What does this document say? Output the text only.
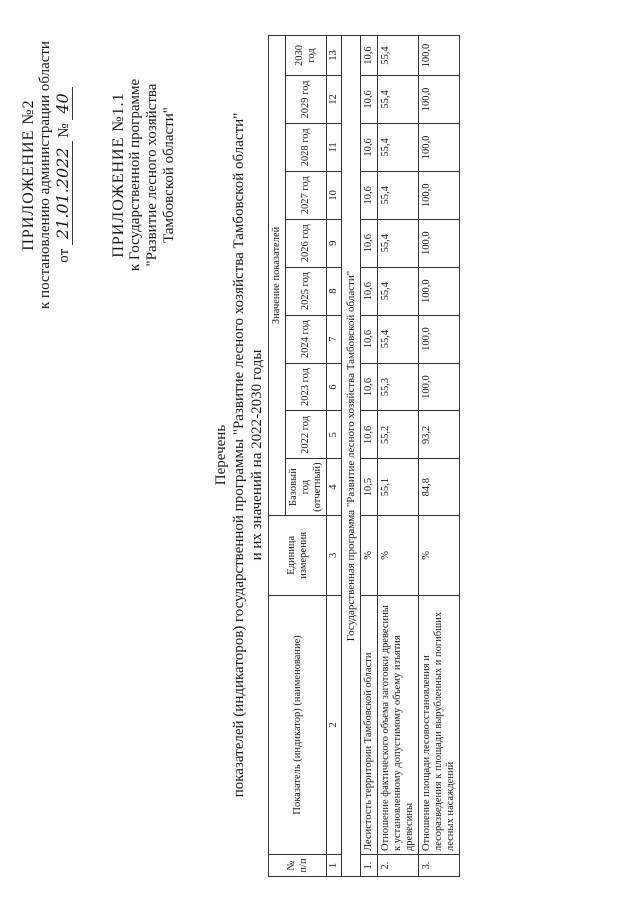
ПРИЛОЖЕНИЕ №2 к постановлению администрации области от 21.01.2022 № 40 ПРИЛОЖЕНИЕ №1.1 к Государственной программе "Развитие лесного хозяйства Тамбовской области"
Перечень показателей (индикаторов) государственной программы "Развитие лесного хозяйства Тамбовской области" и их значений на 2022-2030 годы
№ п/п	Показатель (индикатор) (наименование)	Единица измерения	Значение показателей									
			Базовый год (отчетный)	2022 год	2023 год	2024 год	2025 год	2026 год	2027 год	2028 год	2029 год	2030 год
1	2	3	4	5	6	7	8	9	10	11	12	13
Государственная программа "Развитие лесного хозяйства Тамбовской области"												
1.	Лесистость территории Тамбовской области	%	10,5	10,6	10,6	10,6	10,6	10,6	10,6	10,6	10,6	10,6
2.	Отношение фактического объема заготовки древесины к установленному допустимому объему изъятия древесины	%	55,1	55,2	55,3	55,4	55,4	55,4	55,4	55,4	55,4	55,4
3.	Отношение площади лесовосстановления и лесоразведения к площади вырубленных и погибших лесных насаждений	%	84,8	93,2	100,0	100,0	100,0	100,0	100,0	100,0	100,0	100,0
